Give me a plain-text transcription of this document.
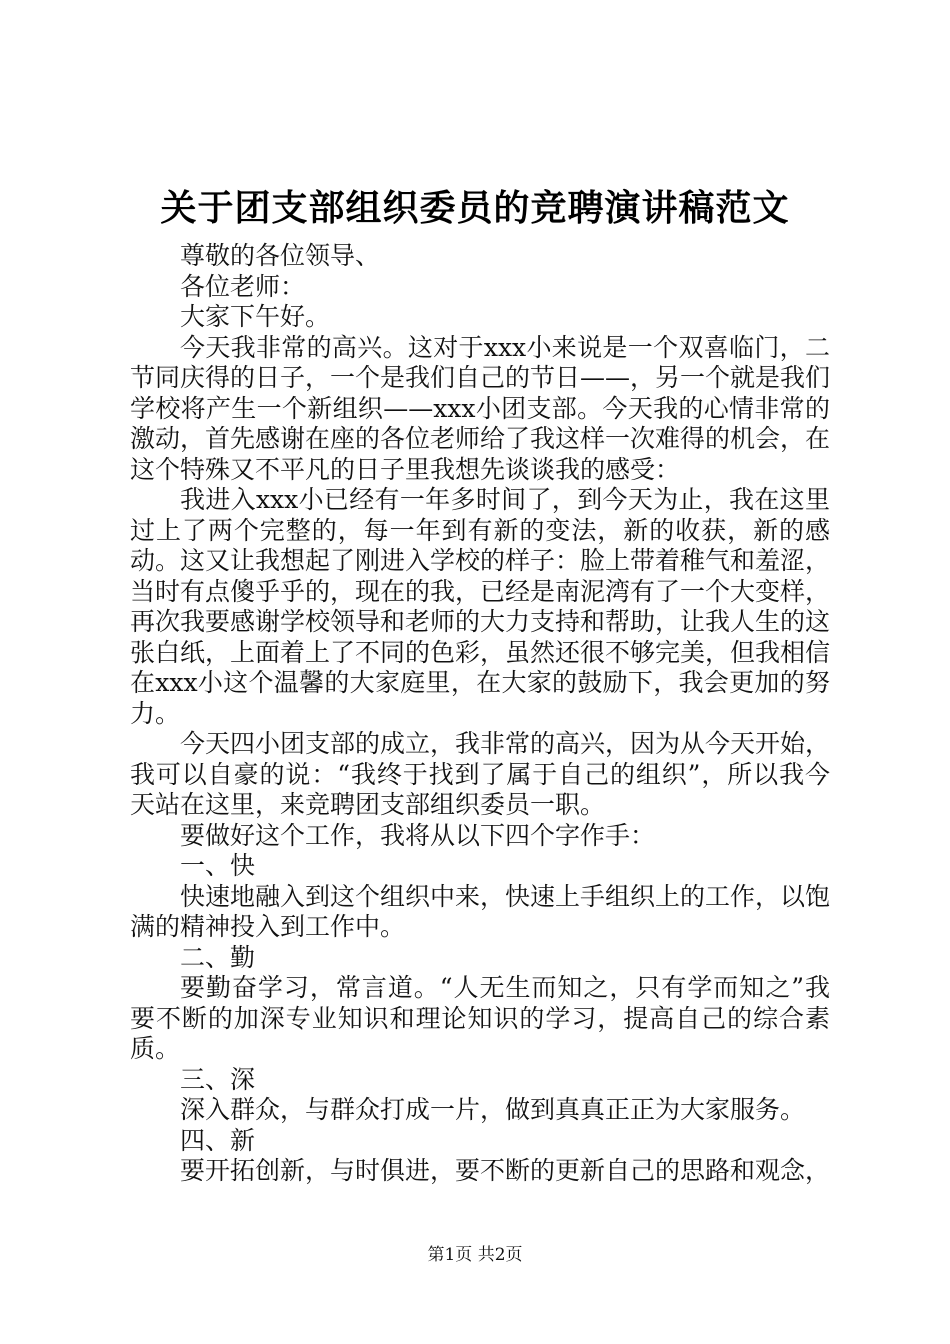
关于团支部组织委员的竞聘演讲稿范文

尊敬的各位领导、

各位老师：

大家下午好。

今天我非常的高兴。这对于xxx小来说是一个双喜临门，二节同庆得的日子，一个是我们自己的节日——，另一个就是我们学校将产生一个新组织——xxx小团支部。今天我的心情非常的激动，首先感谢在座的各位老师给了我这样一次难得的机会，在这个特殊又不平凡的日子里我想先谈谈我的感受：

我进入xxx小已经有一年多时间了，到今天为止，我在这里过上了两个完整的，每一年到有新的变法，新的收获，新的感动。这又让我想起了刚进入学校的样子：脸上带着稚气和羞涩，当时有点傻乎乎的，现在的我，已经是南泥湾有了一个大变样，再次我要感谢学校领导和老师的大力支持和帮助，让我人生的这张白纸，上面着上了不同的色彩，虽然还很不够完美，但我相信在xxx小这个温馨的大家庭里，在大家的鼓励下，我会更加的努力。

今天四小团支部的成立，我非常的高兴，因为从今天开始，我可以自豪的说：“我终于找到了属于自己的组织”，所以我今天站在这里，来竞聘团支部组织委员一职。

要做好这个工作，我将从以下四个字作手：

一、快

快速地融入到这个组织中来，快速上手组织上的工作，以饱满的精神投入到工作中。

二、勤

要勤奋学习，常言道。“人无生而知之，只有学而知之”我要不断的加深专业知识和理论知识的学习，提高自己的综合素质。

三、深

深入群众，与群众打成一片，做到真真正正为大家服务。

四、新

要开拓创新，与时俱进，要不断的更新自己的思路和观念，

第1页 共2页
